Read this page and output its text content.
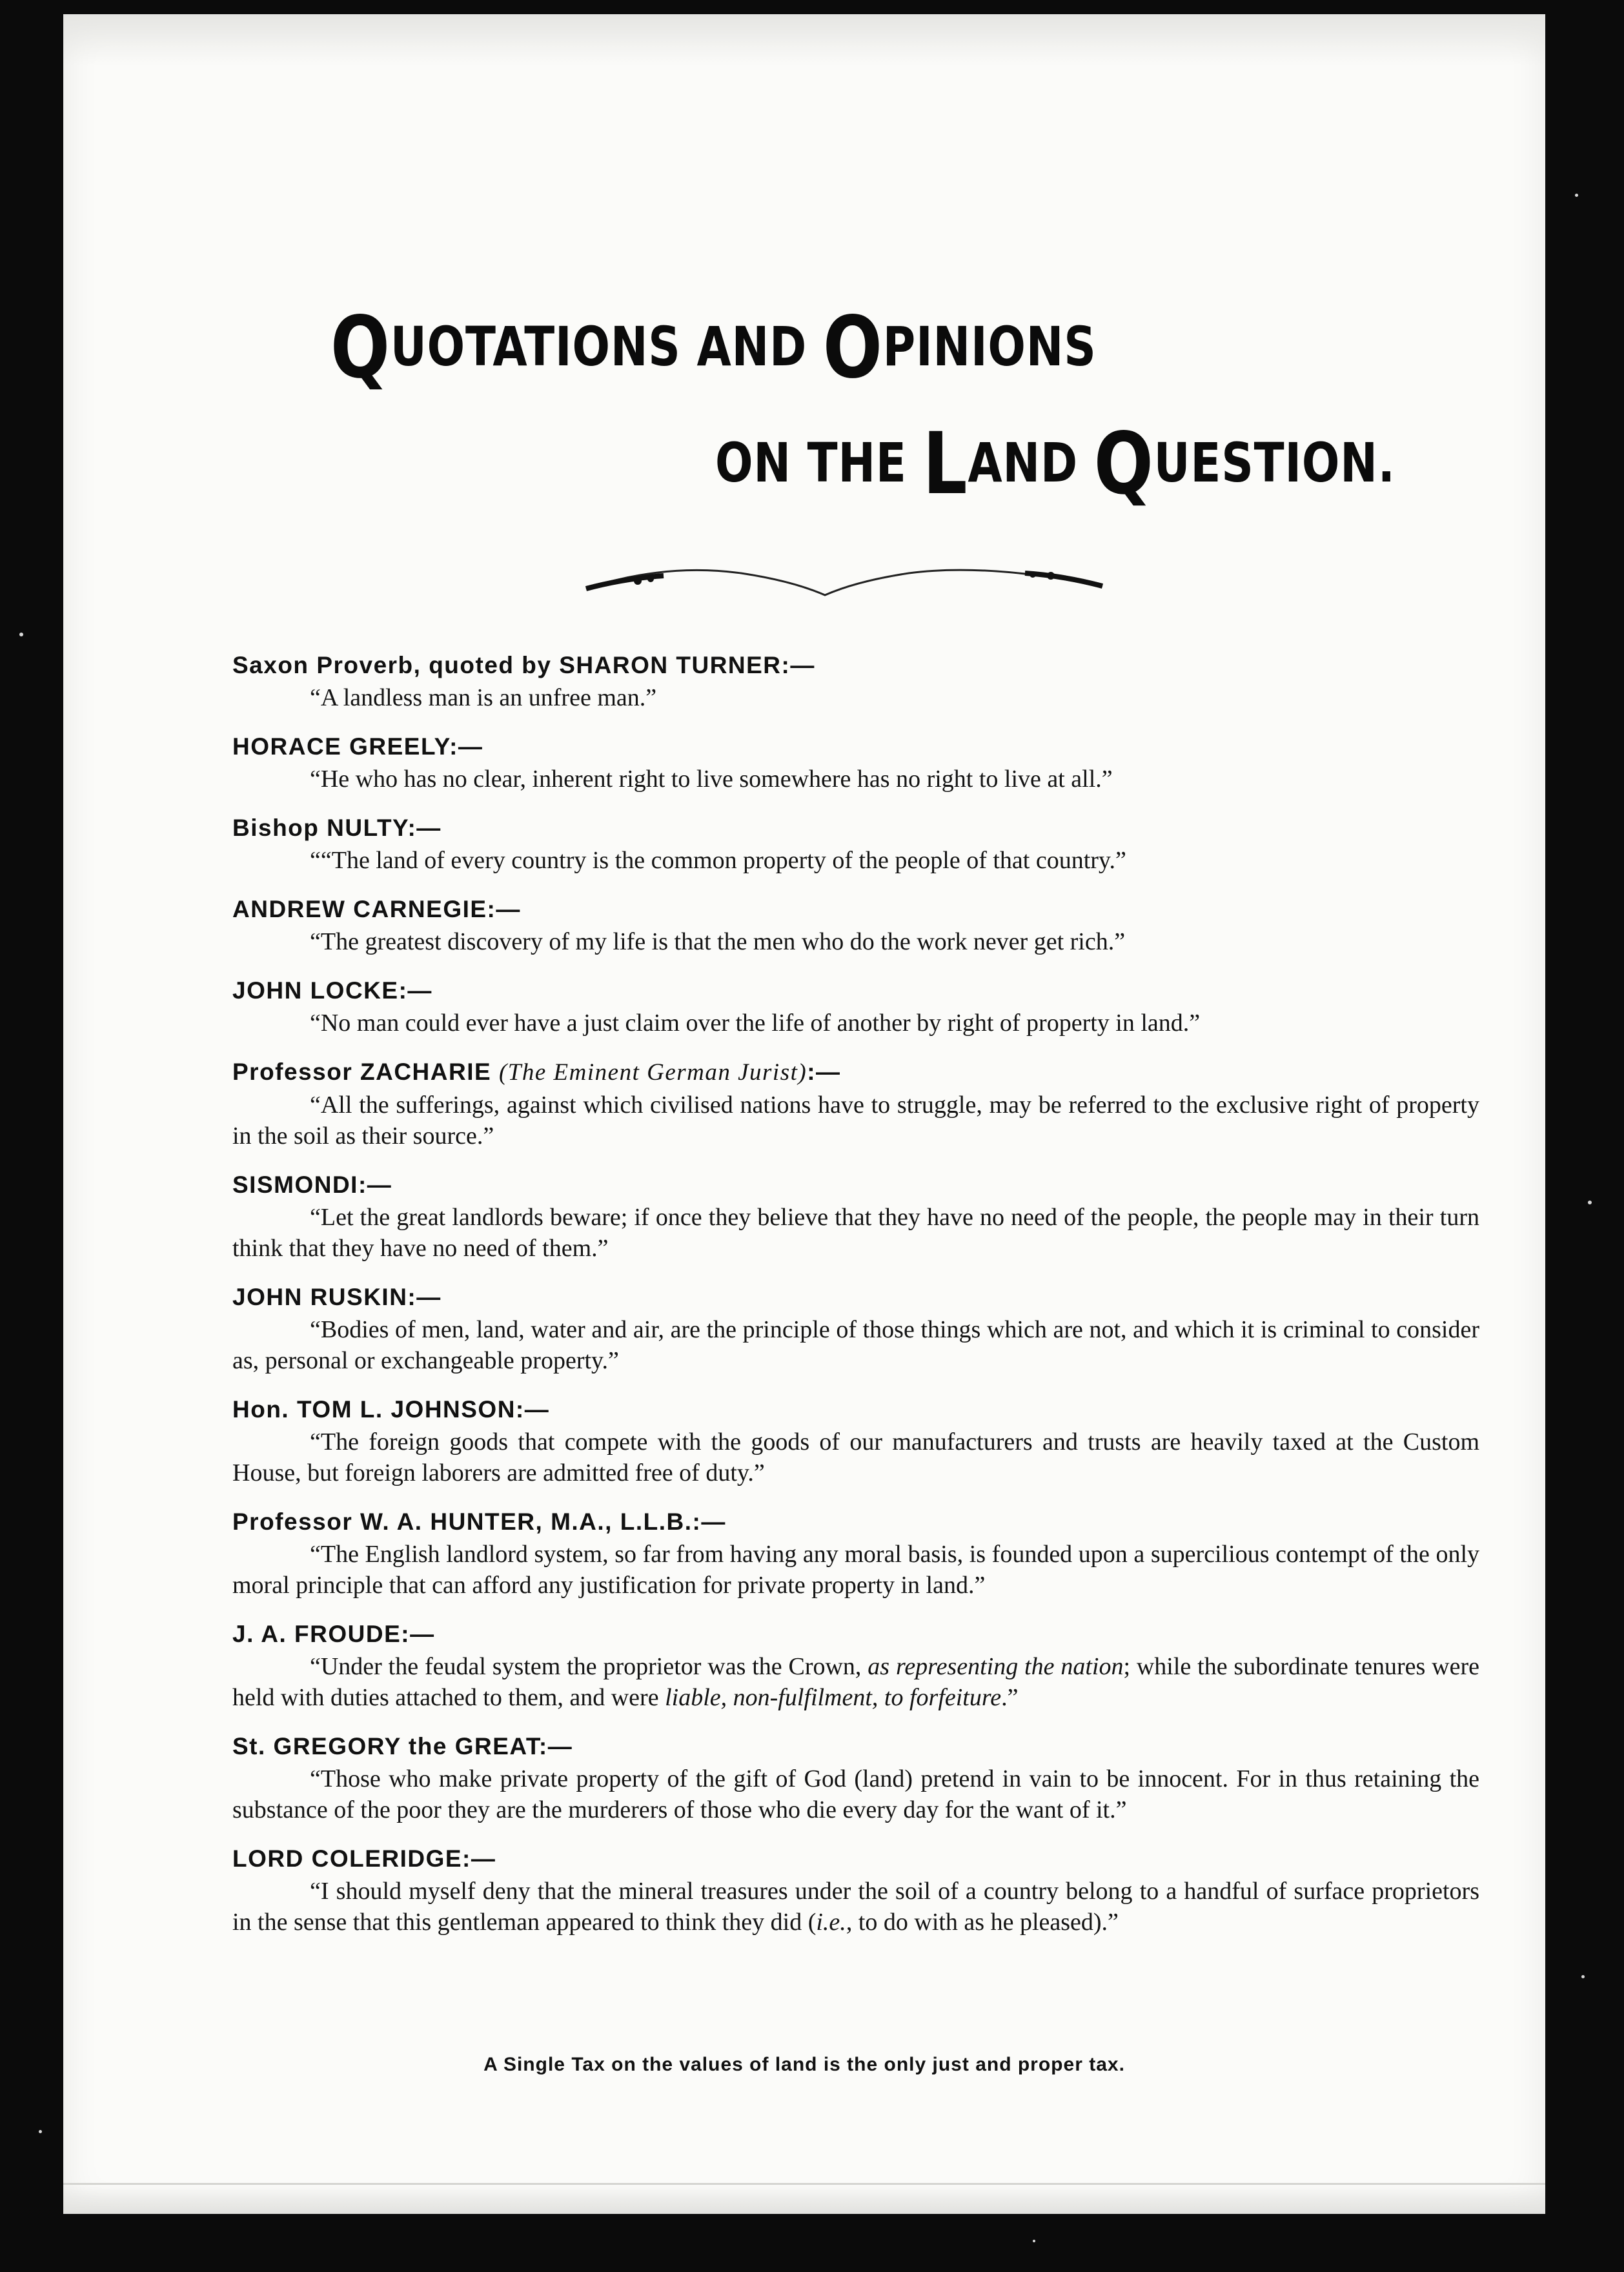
QUOTATIONS AND OPINIONS
ON THE LAND QUESTION.
Saxon Proverb, quoted by SHARON TURNER:—
“A landless man is an unfree man.”
HORACE GREELY:—
“He who has no clear, inherent right to live somewhere has no right to live at all.”
Bishop NULTY:—
““The land of every country is the common property of the people of that country.”
ANDREW CARNEGIE:—
“The greatest discovery of my life is that the men who do the work never get rich.”
JOHN LOCKE:—
“No man could ever have a just claim over the life of another by right of property in land.”
Professor ZACHARIE (The Eminent German Jurist):—
“All the sufferings, against which civilised nations have to struggle, may be referred to the exclusive right of property in the soil as their source.”
SISMONDI:—
“Let the great landlords beware; if once they believe that they have no need of the people, the people may in their turn think that they have no need of them.”
JOHN RUSKIN:—
“Bodies of men, land, water and air, are the principle of those things which are not, and which it is criminal to consider as, personal or exchangeable property.”
Hon. TOM L. JOHNSON:—
“The foreign goods that compete with the goods of our manufacturers and trusts are heavily taxed at the Custom House, but foreign laborers are admitted free of duty.”
Professor W. A. HUNTER, M.A., L.L.B.:—
“The English landlord system, so far from having any moral basis, is founded upon a supercilious contempt of the only moral principle that can afford any justification for private property in land.”
J. A. FROUDE:—
“Under the feudal system the proprietor was the Crown, as representing the nation; while the subordinate tenures were held with duties attached to them, and were liable, non-fulfilment, to forfeiture.”
St. GREGORY the GREAT:—
“Those who make private property of the gift of God (land) pretend in vain to be innocent. For in thus retaining the substance of the poor they are the murderers of those who die every day for the want of it.”
LORD COLERIDGE:—
“I should myself deny that the mineral treasures under the soil of a country belong to a handful of surface proprietors in the sense that this gentleman appeared to think they did (i.e., to do with as he pleased).”
A Single Tax on the values of land is the only just and proper tax.
